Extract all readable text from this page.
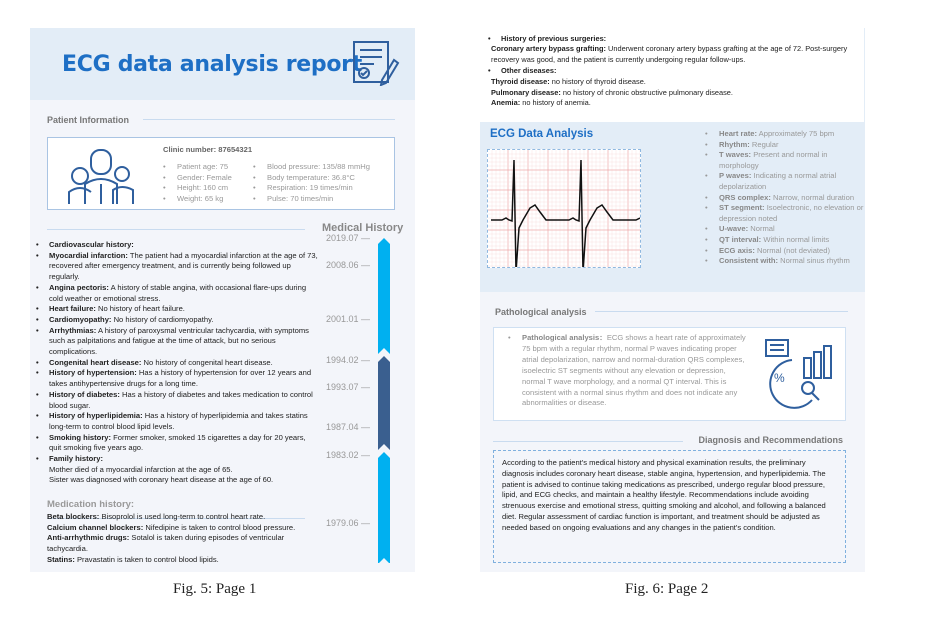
ECG data analysis report
Patient Information
Clinic number: 87654321
• Patient age: 75
• Gender: Female
• Height: 160 cm
• Weight: 65 kg
• Blood pressure: 135/88 mmHg
• Body temperature: 36.8°C
• Respiration: 19 times/min
• Pulse: 70 times/min
Medical History
• Cardiovascular history:
• Myocardial infarction: The patient had a myocardial infarction at the age of 73, recovered after emergency treatment, and is currently being followed up regularly.
• Angina pectoris: A history of stable angina, with occasional flare-ups during cold weather or emotional stress.
• Heart failure: No history of heart failure.
• Cardiomyopathy: No history of cardiomyopathy.
• Arrhythmias: A history of paroxysmal ventricular tachycardia, with symptoms such as palpitations and fatigue at the time of attack, but no serious complications.
• Congenital heart disease: No history of congenital heart disease.
• History of hypertension: Has a history of hypertension for over 12 years and takes antihypertensive drugs for a long time.
• History of diabetes: Has a history of diabetes and takes medication to control blood sugar.
• History of hyperlipidemia: Has a history of hyperlipidemia and takes statins long-term to control blood lipid levels.
• Smoking history: Former smoker, smoked 15 cigarettes a day for 20 years, quit smoking five years ago.
• Family history:
Mother died of a myocardial infarction at the age of 65.
Sister was diagnosed with coronary heart disease at the age of 60.
Medication history:
Beta blockers: Bisoprolol is used long-term to control heart rate.
Calcium channel blockers: Nifedipine is taken to control blood pressure.
Anti-arrhythmic drugs: Sotalol is taken during episodes of ventricular tachycardia.
Statins: Pravastatin is taken to control blood lipids.
2019.07 —
2008.06 —
2001.01 —
1994.02 —
1993.07 —
1987.04 —
1983.02 —
1979.06 —
• History of previous surgeries:
Coronary artery bypass grafting: Underwent coronary artery bypass grafting at the age of 72. Post-surgery recovery was good, and the patient is currently undergoing regular follow-ups.
• Other diseases:
Thyroid disease: no history of thyroid disease.
Pulmonary disease: no history of chronic obstructive pulmonary disease.
Anemia: no history of anemia.
ECG Data Analysis	• Heart rate: Approximately 75 bpm
• Rhythm: Regular
• T waves: Present and normal in morphology
• P waves: Indicating a normal atrial depolarization
• QRS complex: Narrow, normal duration
• ST segment: Isoelectronic, no elevation or depression noted
• U-wave: Normal
• QT interval: Within normal limits
• ECG axis: Normal (not deviated)
• Consistent with: Normal sinus rhythm
Pathological analysis
• Pathological analysis：ECG shows a heart rate of approximately 75 bpm with a regular rhythm, normal P waves indicating proper atrial depolarization, narrow and normal-duration QRS complexes, isoelectric ST segments without any elevation or depression, normal T wave morphology, and a normal QT interval. This is consistent with a normal sinus rhythm and does not indicate any abnormalities or disease.
%
Diagnosis and Recommendations
According to the patient's medical history and physical examination results, the preliminary diagnosis includes coronary heart disease, stable angina, hypertension, and hyperlipidemia. The patient is advised to continue taking medications as prescribed, undergo regular blood pressure, lipid, and ECG checks, and maintain a healthy lifestyle. Recommendations include avoiding strenuous exercise and emotional stress, quitting smoking and alcohol, and following a balanced diet. Regular assessment of cardiac function is important, and treatment should be adjusted as needed based on ongoing evaluations and any changes in the patient's condition.
Fig. 5: Page 1	Fig. 6: Page 2
